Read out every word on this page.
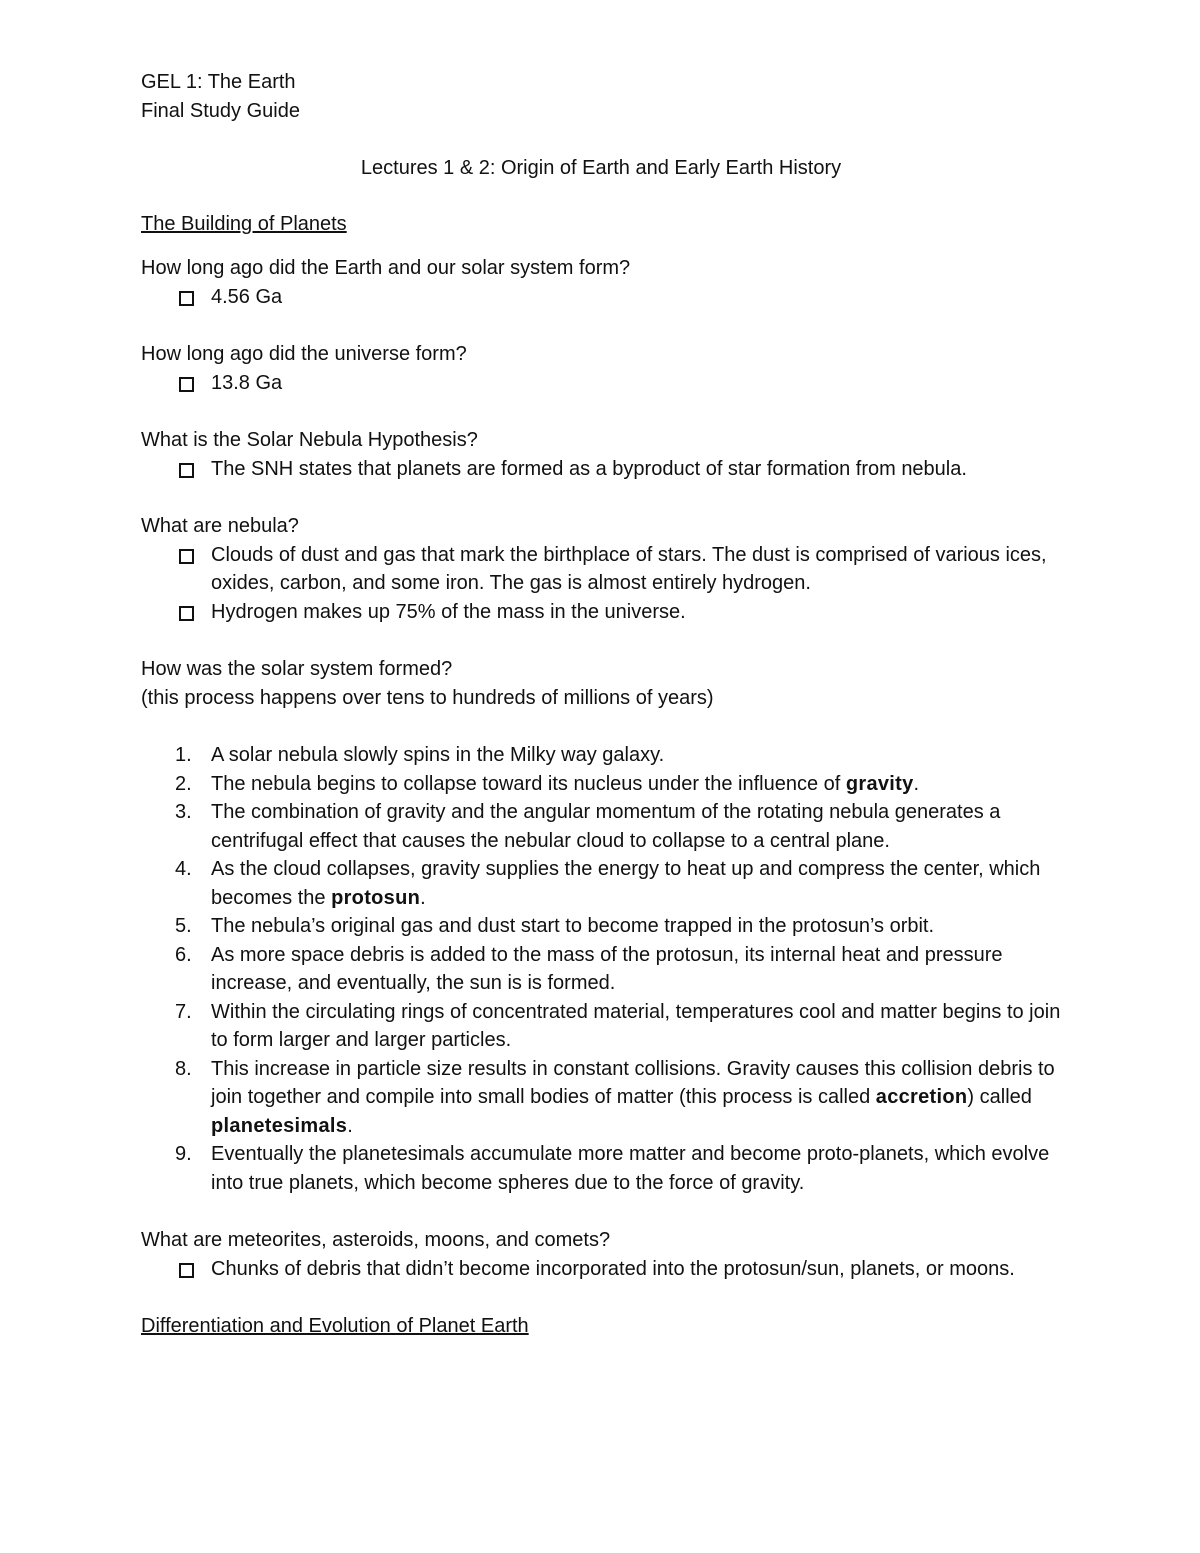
GEL 1: The Earth

Final Study Guide

Lectures 1 & 2: Origin of Earth and Early Earth History

The Building of Planets

How long ago did the Earth and our solar system form?

4.56 Ga

How long ago did the universe form?

13.8 Ga

What is the Solar Nebula Hypothesis?

The SNH states that planets are formed as a byproduct of star formation from nebula.

What are nebula?

Clouds of dust and gas that mark the birthplace of stars. The dust is comprised of various ices, oxides, carbon, and some iron. The gas is almost entirely hydrogen.
Hydrogen makes up 75% of the mass in the universe.

How was the solar system formed?

(this process happens over tens to hundreds of millions of years)

1. A solar nebula slowly spins in the Milky way galaxy.
2. The nebula begins to collapse toward its nucleus under the influence of gravity.
3. The combination of gravity and the angular momentum of the rotating nebula generates a centrifugal effect that causes the nebular cloud to collapse to a central plane.
4. As the cloud collapses, gravity supplies the energy to heat up and compress the center, which becomes the protosun.
5. The nebula’s original gas and dust start to become trapped in the protosun’s orbit.
6. As more space debris is added to the mass of the protosun, its internal heat and pressure increase, and eventually, the sun is is formed.
7. Within the circulating rings of concentrated material, temperatures cool and matter begins to join to form larger and larger particles.
8. This increase in particle size results in constant collisions. Gravity causes this collision debris to join together and compile into small bodies of matter (this process is called accretion) called planetesimals.
9. Eventually the planetesimals accumulate more matter and become proto-planets, which evolve into true planets, which become spheres due to the force of gravity.

What are meteorites, asteroids, moons, and comets?

Chunks of debris that didn’t become incorporated into the protosun/sun, planets, or moons.

Differentiation and Evolution of Planet Earth
